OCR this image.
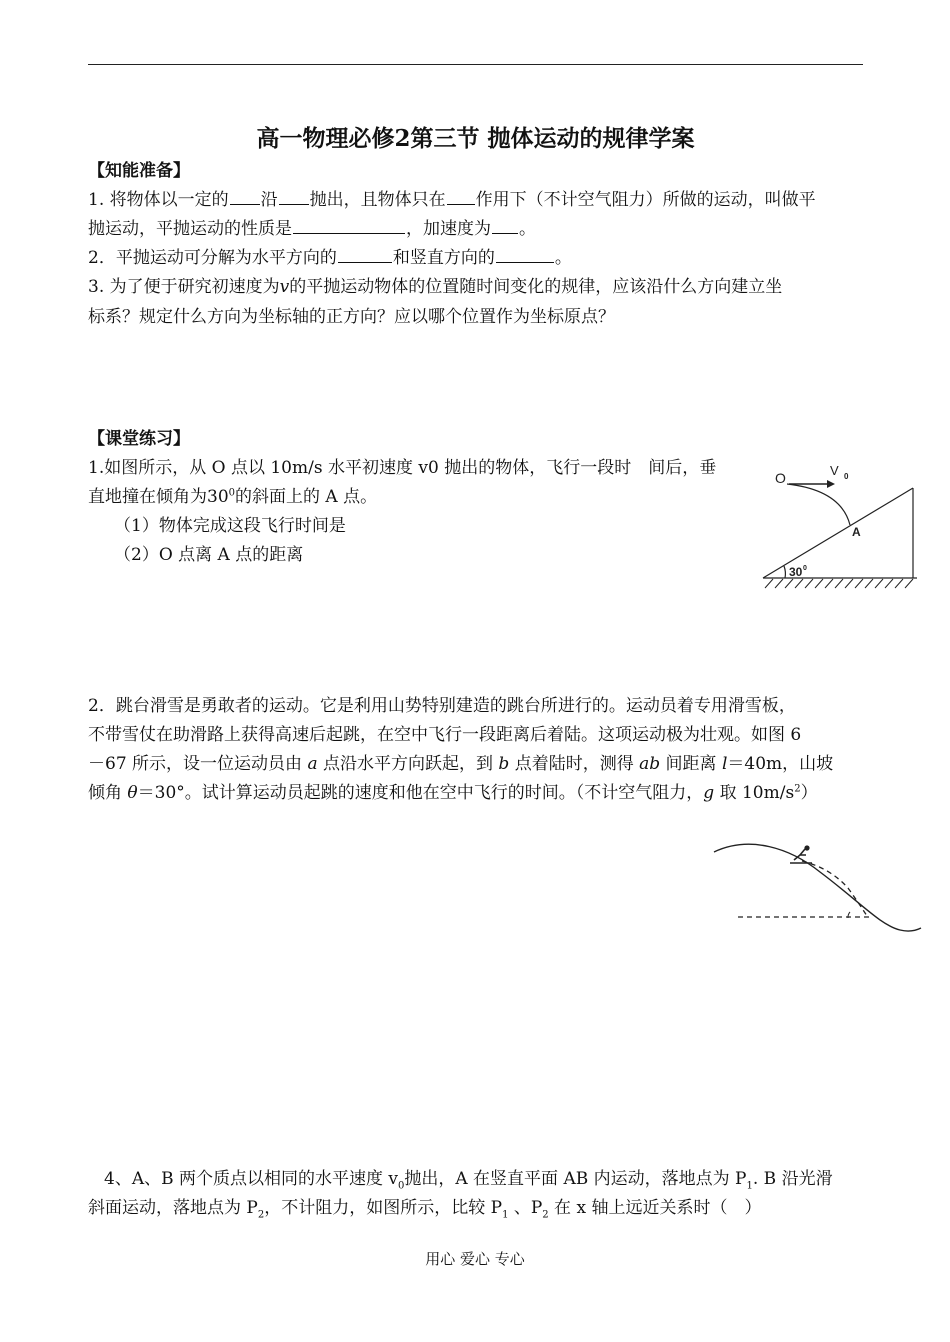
高一物理必修2第三节 抛体运动的规律学案
【知能准备】
1. 将物体以一定的 沿 抛出，且物体只在 作用下（不计空气阻力）所做的运动，叫做平
抛运动，平抛运动的性质是	，加速度为 。
2．平抛运动可分解为水平方向的	和竖直方向的	。
3. 为了便于研究初速度为v的平抛运动物体的位置随时间变化的规律，应该沿什么方向建立坐
标系？规定什么方向为坐标轴的正方向？应以哪个位置作为坐标原点？
【课堂练习】
1.如图所示，从 O 点以 10m/s 水平初速度 v0 抛出的物体，飞行一段时　间后，垂
直地撞在倾角为$30^0$的斜面上的 A 点。
（1）物体完成这段飞行时间是
（2）O 点离 A 点的距离
O	V 0
A
30 0
2．跳台滑雪是勇敢者的运动。它是利用山势特别建造的跳台所进行的。运动员着专用滑雪板，
不带雪仗在助滑路上获得高速后起跳，在空中飞行一段距离后着陆。这项运动极为壮观。如图 6
－67 所示，设一位运动员由 a 点沿水平方向跃起，到 b 点着陆时，测得 ab 间距离 l＝40m，山坡
倾角 θ＝30°。试计算运动员起跳的速度和他在空中飞行的时间。（不计空气阻力，g 取 $10m/s^2$）
4、A、B 两个质点以相同的水平速度 $v_0$抛出，A 在竖直平面 AB 内运动，落地点为 $P_1$. B 沿光滑
斜面运动，落地点为 $P_2$，不计阻力，如图所示，比较 $P_1$ 、$P_2$ 在 x 轴上远近关系时（　）
用心 爱心 专心
